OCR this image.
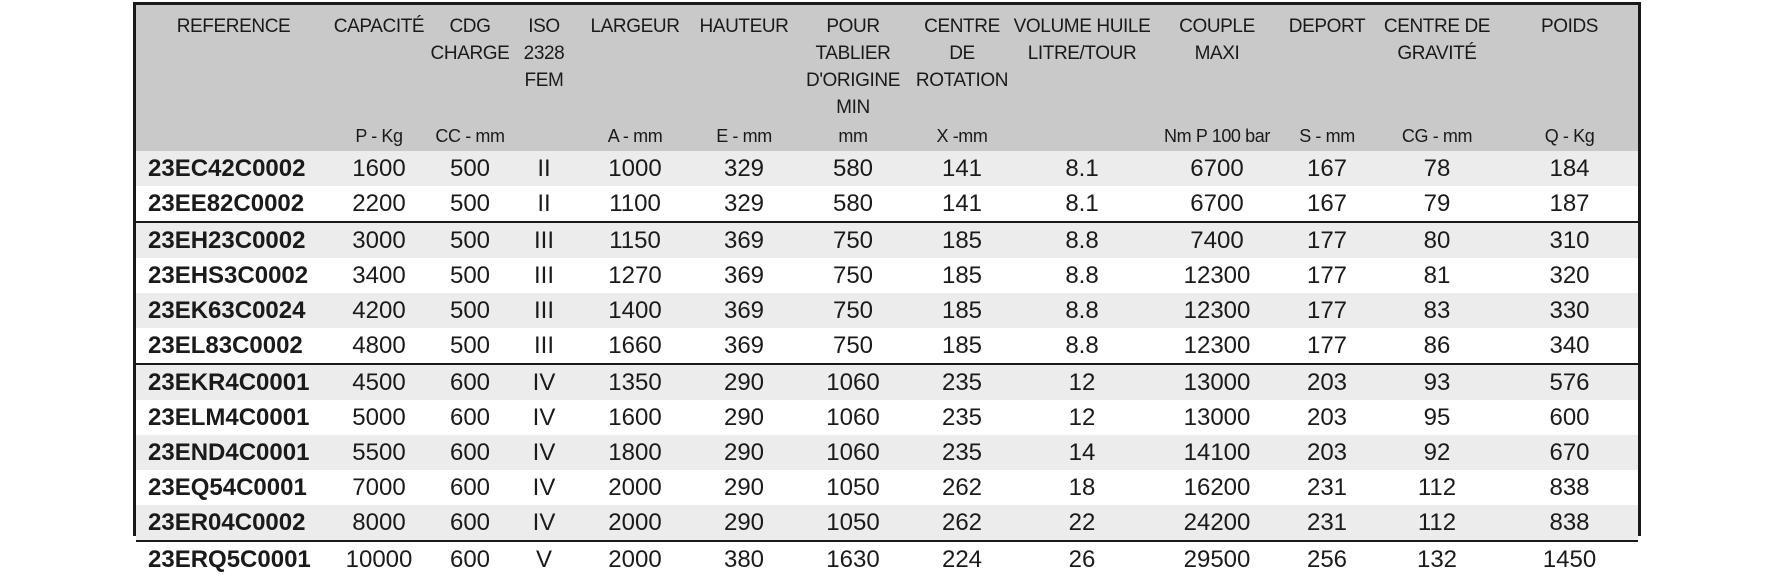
REFERENCE	CAPACITÉ	CDG CHARGE	ISO 2328 FEM	LARGEUR	HAUTEUR	POUR TABLIER D'ORIGINE MIN	CENTRE DE ROTATION	VOLUME HUILE LITRE/TOUR	COUPLE MAXI	DEPORT	CENTRE DE GRAVITÉ	POIDS
	P - Kg	CC - mm		A - mm	E - mm	mm	X -mm		Nm P 100 bar	S - mm	CG - mm	Q - Kg
23EC42C0002	1600	500	II	1000	329	580	141	8.1	6700	167	78	184
23EE82C0002	2200	500	II	1100	329	580	141	8.1	6700	167	79	187
23EH23C0002	3000	500	III	1150	369	750	185	8.8	7400	177	80	310
23EHS3C0002	3400	500	III	1270	369	750	185	8.8	12300	177	81	320
23EK63C0024	4200	500	III	1400	369	750	185	8.8	12300	177	83	330
23EL83C0002	4800	500	III	1660	369	750	185	8.8	12300	177	86	340
23EKR4C0001	4500	600	IV	1350	290	1060	235	12	13000	203	93	576
23ELM4C0001	5000	600	IV	1600	290	1060	235	12	13000	203	95	600
23END4C0001	5500	600	IV	1800	290	1060	235	14	14100	203	92	670
23EQ54C0001	7000	600	IV	2000	290	1050	262	18	16200	231	112	838
23ER04C0002	8000	600	IV	2000	290	1050	262	22	24200	231	112	838
23ERQ5C0001	10000	600	V	2000	380	1630	224	26	29500	256	132	1450
